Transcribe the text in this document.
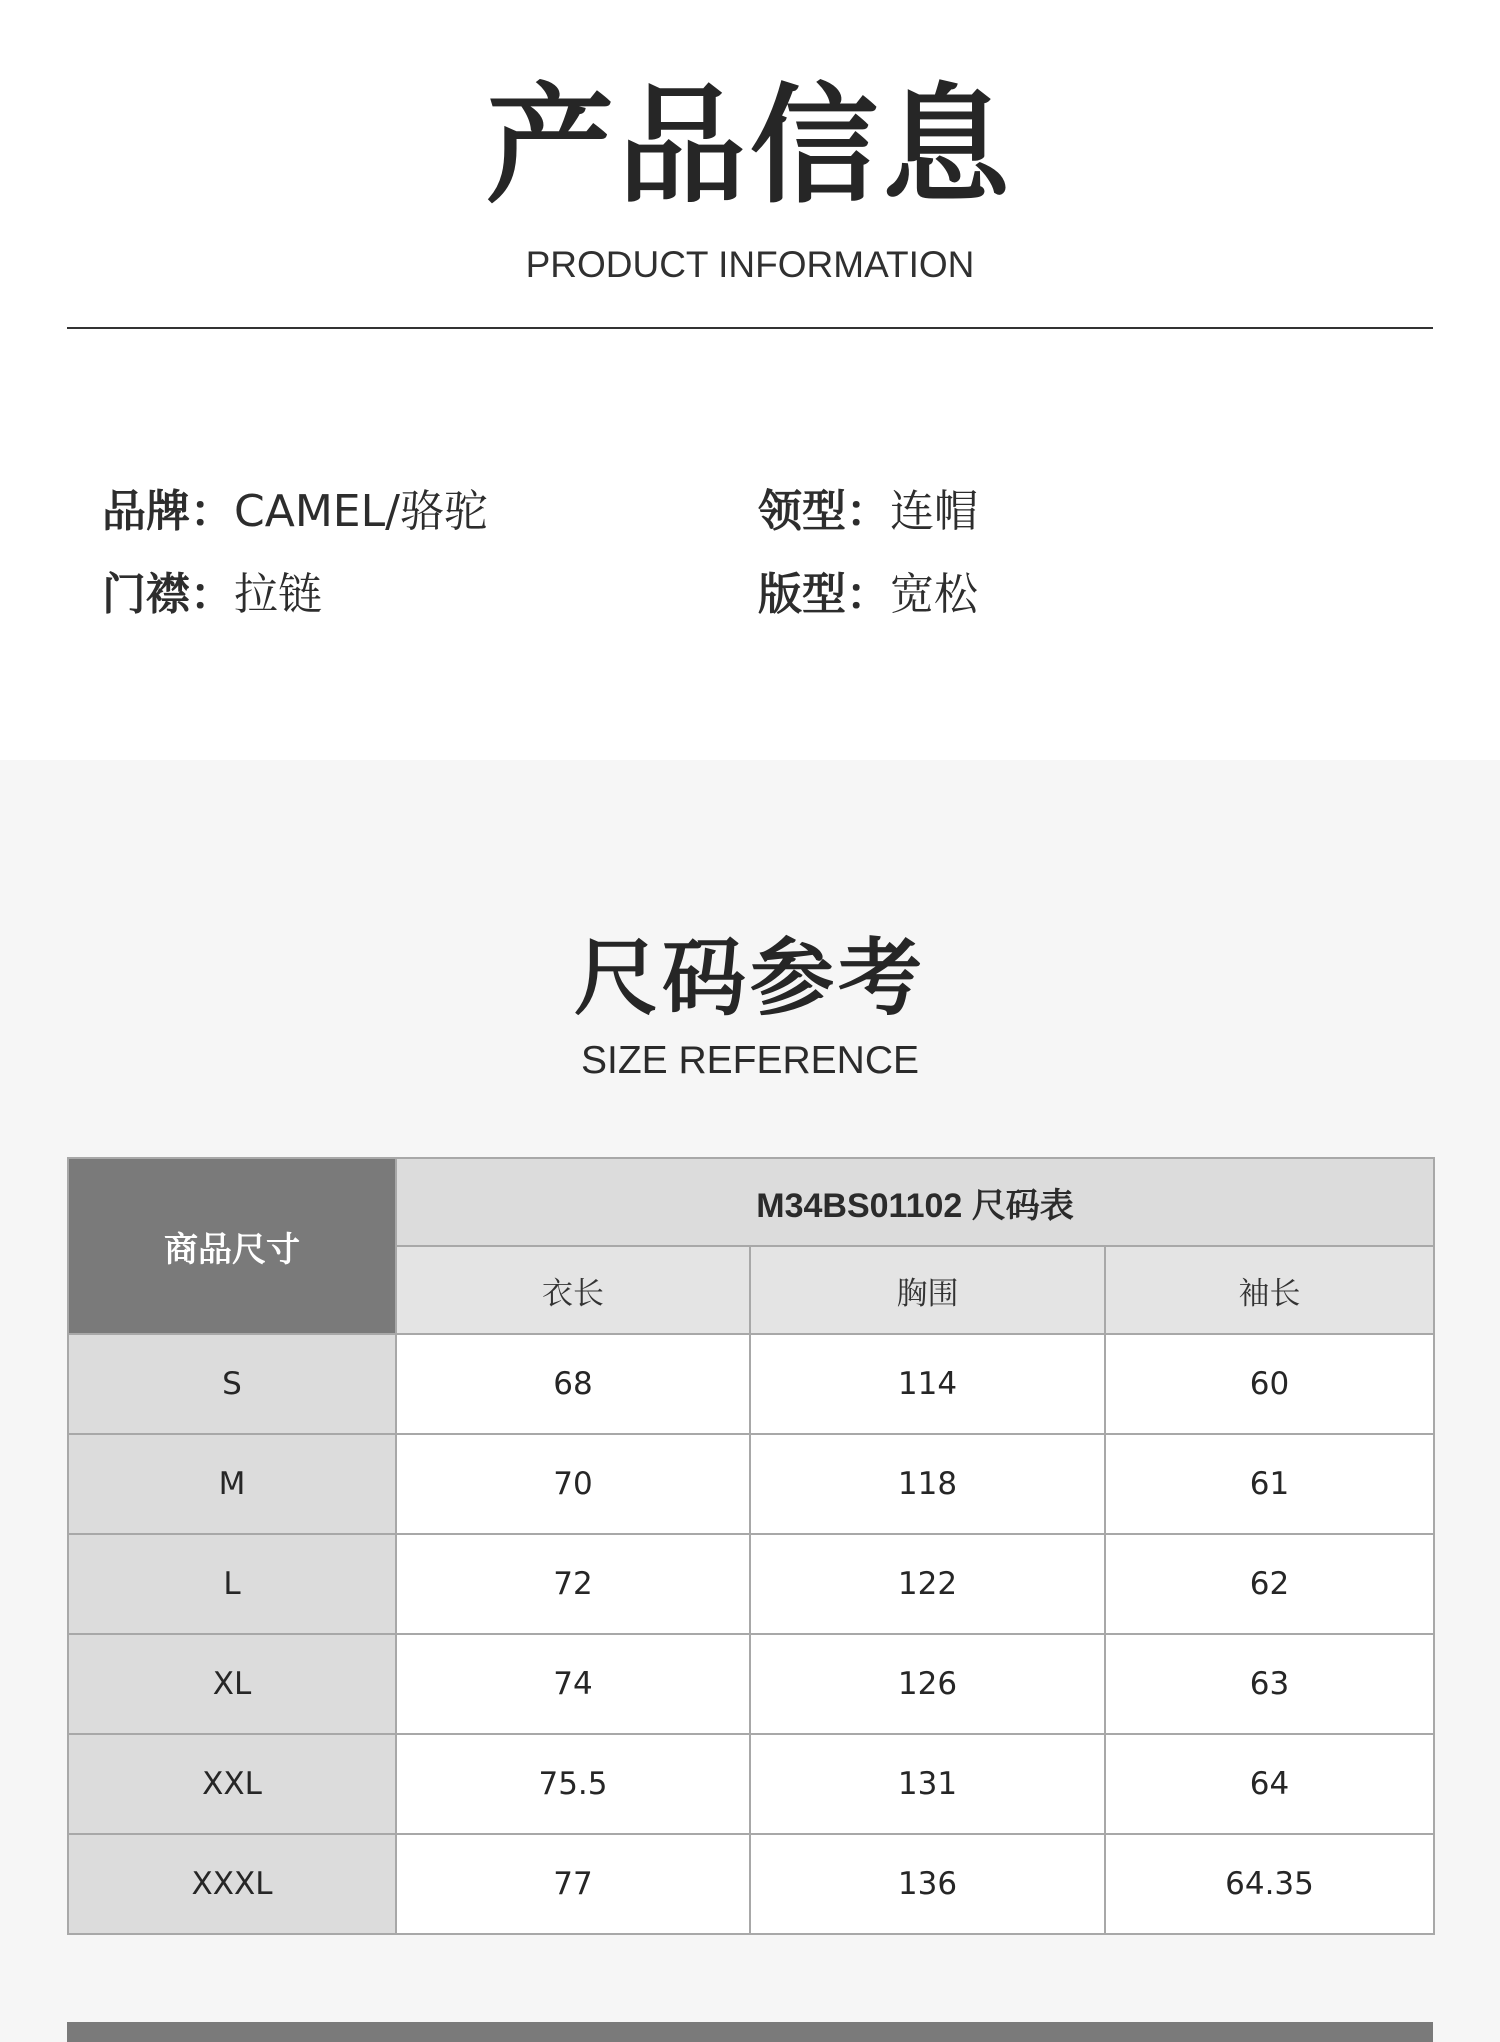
产品信息
PRODUCT INFORMATION
品牌：CAMEL/骆驼	领型：连帽
门襟：拉链	版型：宽松
尺码参考
SIZE REFERENCE
商品尺寸	M34BS01102 尺码表		
	衣长	胸围	袖长
S	68	114	60
M	70	118	61
L	72	122	62
XL	74	126	63
XXL	75.5	131	64
XXXL	77	136	64.35
